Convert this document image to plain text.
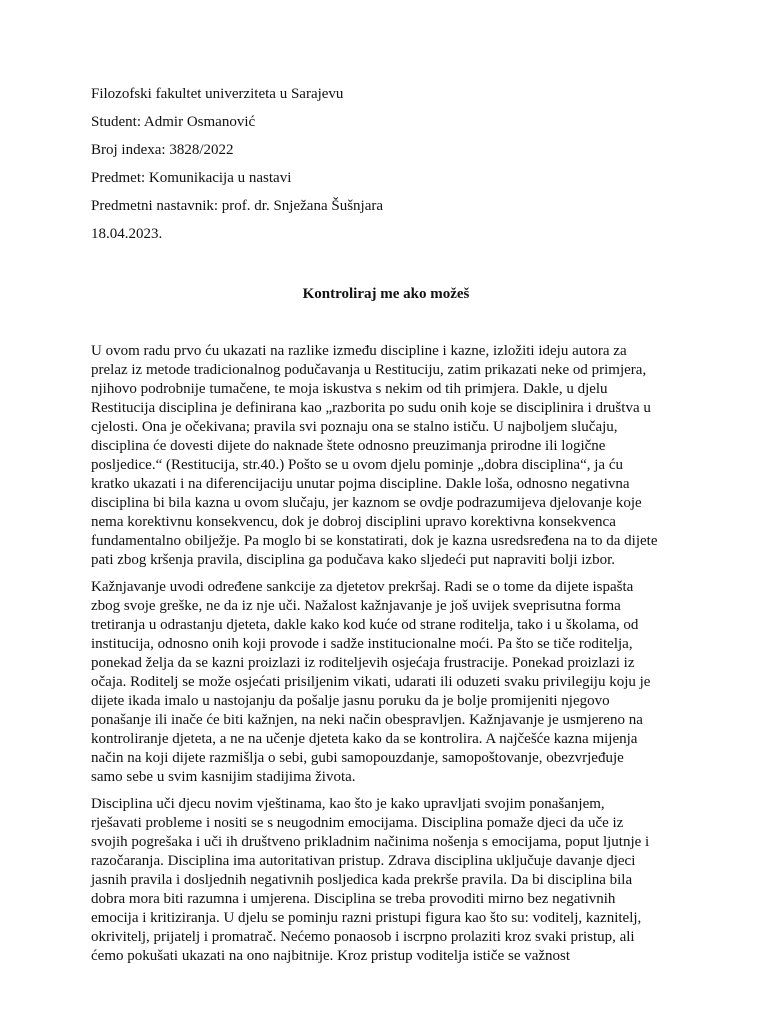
Filozofski fakultet univerziteta u Sarajevu
Student: Admir Osmanović
Broj indexa: 3828/2022
Predmet: Komunikacija u nastavi
Predmetni nastavnik: prof. dr. Snježana Šušnjara
18.04.2023.
Kontroliraj me ako možeš
U ovom radu prvo ću ukazati na razlike između discipline i kazne, izložiti ideju autora za
prelaz iz metode tradicionalnog podučavanja u Restituciju, zatim prikazati neke od primjera,
njihovo podrobnije tumačene, te moja iskustva s nekim od tih primjera. Dakle, u djelu
Restitucija disciplina je definirana kao „razborita po sudu onih koje se disciplinira i društva u
cjelosti. Ona je očekivana; pravila svi poznaju ona se stalno ističu. U najboljem slučaju,
disciplina će dovesti dijete do naknade štete odnosno preuzimanja prirodne ili logične
posljedice.“ (Restitucija, str.40.) Pošto se u ovom djelu pominje „dobra disciplina“, ja ću
kratko ukazati i na diferencijaciju unutar pojma discipline. Dakle loša, odnosno negativna
disciplina bi bila kazna u ovom slučaju, jer kaznom se ovdje podrazumijeva djelovanje koje
nema korektivnu konsekvencu, dok je dobroj disciplini upravo korektivna konsekvenca
fundamentalno obilježje. Pa moglo bi se konstatirati, dok je kazna usredsređena na to da dijete
pati zbog kršenja pravila, disciplina ga podučava kako sljedeći put napraviti bolji izbor.
Kažnjavanje uvodi određene sankcije za djetetov prekršaj. Radi se o tome da dijete ispašta
zbog svoje greške, ne da iz nje uči. Nažalost kažnjavanje je još uvijek sveprisutna forma
tretiranja u odrastanju djeteta, dakle kako kod kuće od strane roditelja, tako i u školama, od
institucija, odnosno onih koji provode i sadže institucionalne moći. Pa što se tiče roditelja,
ponekad želja da se kazni proizlazi iz roditeljevih osjećaja frustracije. Ponekad proizlazi iz
očaja. Roditelj se može osjećati prisiljenim vikati, udarati ili oduzeti svaku privilegiju koju je
dijete ikada imalo u nastojanju da pošalje jasnu poruku da je bolje promijeniti njegovo
ponašanje ili inače će biti kažnjen, na neki način obespravljen. Kažnjavanje je usmjereno na
kontroliranje djeteta, a ne na učenje djeteta kako da se kontrolira. A najčešće kazna mijenja
način na koji dijete razmišlja o sebi, gubi samopouzdanje, samopoštovanje, obezvrjeđuje
samo sebe u svim kasnijim stadijima života.
Disciplina uči djecu novim vještinama, kao što je kako upravljati svojim ponašanjem,
rješavati probleme i nositi se s neugodnim emocijama. Disciplina pomaže djeci da uče iz
svojih pogrešaka i uči ih društveno prikladnim načinima nošenja s emocijama, poput ljutnje i
razočaranja. Disciplina ima autoritativan pristup. Zdrava disciplina uključuje davanje djeci
jasnih pravila i dosljednih negativnih posljedica kada prekrše pravila. Da bi disciplina bila
dobra mora biti razumna i umjerena. Disciplina se treba provoditi mirno bez negativnih
emocija i kritiziranja. U djelu se pominju razni pristupi figura kao što su: voditelj, kaznitelj,
okrivitelj, prijatelj i promatrač. Nećemo ponaosob i iscrpno prolaziti kroz svaki pristup, ali
ćemo pokušati ukazati na ono najbitnije. Kroz pristup voditelja ističe se važnost
